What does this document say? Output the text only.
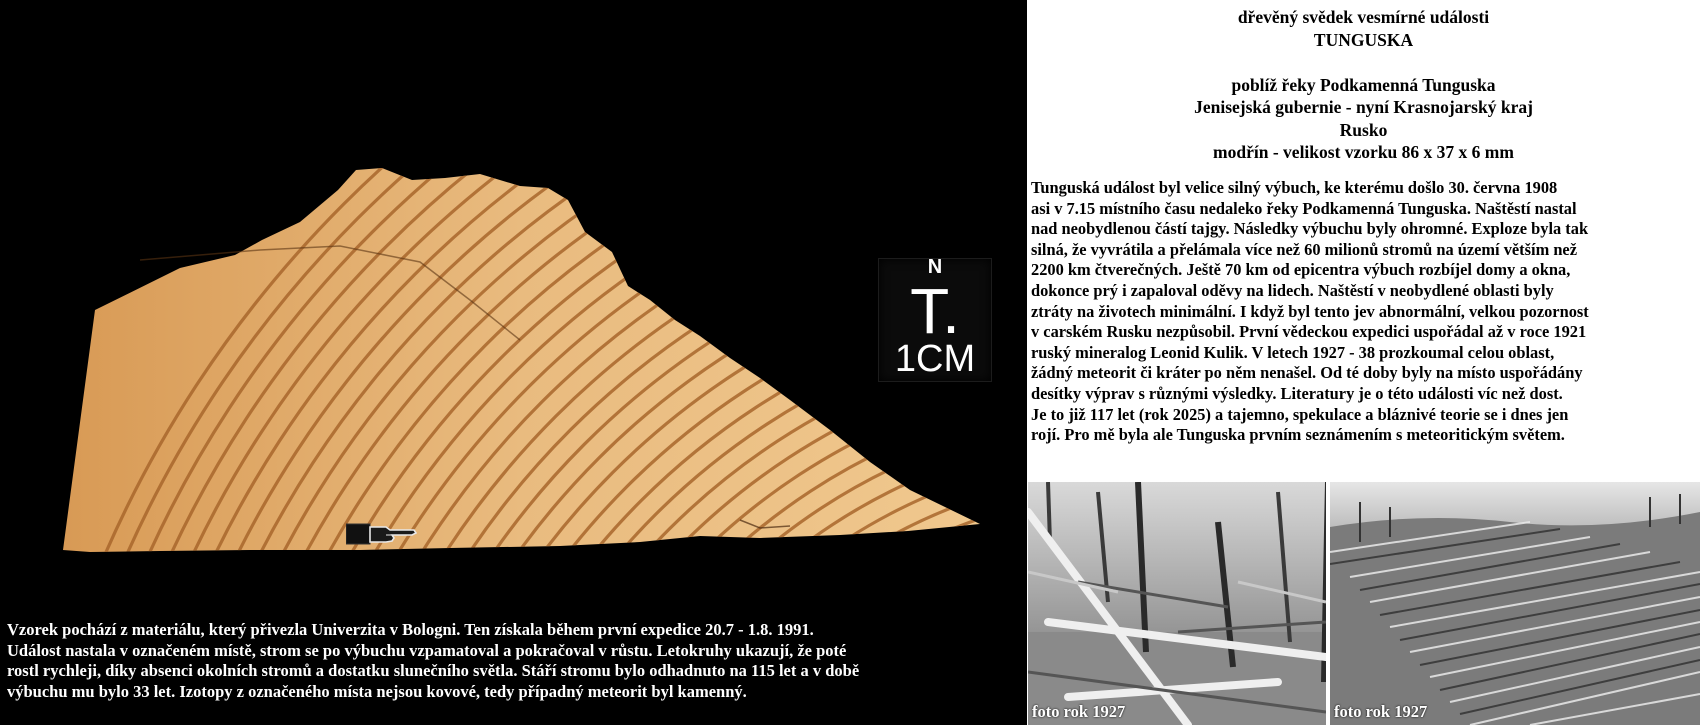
N
T.
1CM
Vzorek pochází z materiálu, který přivezla Univerzita v Bologni. Ten získala během první expedice 20.7 - 1.8. 1991.
Událost nastala v označeném místě, strom se po výbuchu vzpamatoval a pokračoval v růstu. Letokruhy ukazují, že poté
rostl rychleji, díky absenci okolních stromů a dostatku slunečního světla. Stáří stromu bylo odhadnuto na 115 let a v době
výbuchu mu bylo 33 let. Izotopy z označeného místa nejsou kovové, tedy případný meteorit byl kamenný.
dřevěný svědek vesmírné události
TUNGUSKA
poblíž řeky Podkamenná Tunguska
Jenisejská gubernie - nyní Krasnojarský kraj
Rusko
modřín - velikost vzorku 86 x 37 x 6 mm
Tunguská událost byl velice silný výbuch, ke kterému došlo 30. června 1908
asi v 7.15 místního času nedaleko řeky Podkamenná Tunguska. Naštěstí nastal
nad neobydlenou částí tajgy. Následky výbuchu byly ohromné. Exploze byla tak
silná, že vyvrátila a přelámala více než 60 milionů stromů na území větším než
2200 km čtverečných. Ještě 70 km od epicentra výbuch rozbíjel domy a okna,
dokonce prý i zapaloval oděvy na lidech. Naštěstí v neobydlené oblasti byly
ztráty na životech minimální. I když byl tento jev abnormální, velkou pozornost
v carském Rusku nezpůsobil. První vědeckou expedici uspořádal až v roce 1921
ruský mineralog Leonid Kulik. V letech 1927 - 38 prozkoumal celou oblast,
žádný meteorit či kráter po něm nenašel. Od té doby byly na místo uspořádány
desítky výprav s různými výsledky. Literatury je o této události víc než dost.
Je to již 117 let (rok 2025) a tajemno, spekulace a bláznivé teorie se i dnes jen
rojí. Pro mě byla ale Tunguska prvním seznámením s meteoritickým světem.
foto rok 1927	foto rok 1927
